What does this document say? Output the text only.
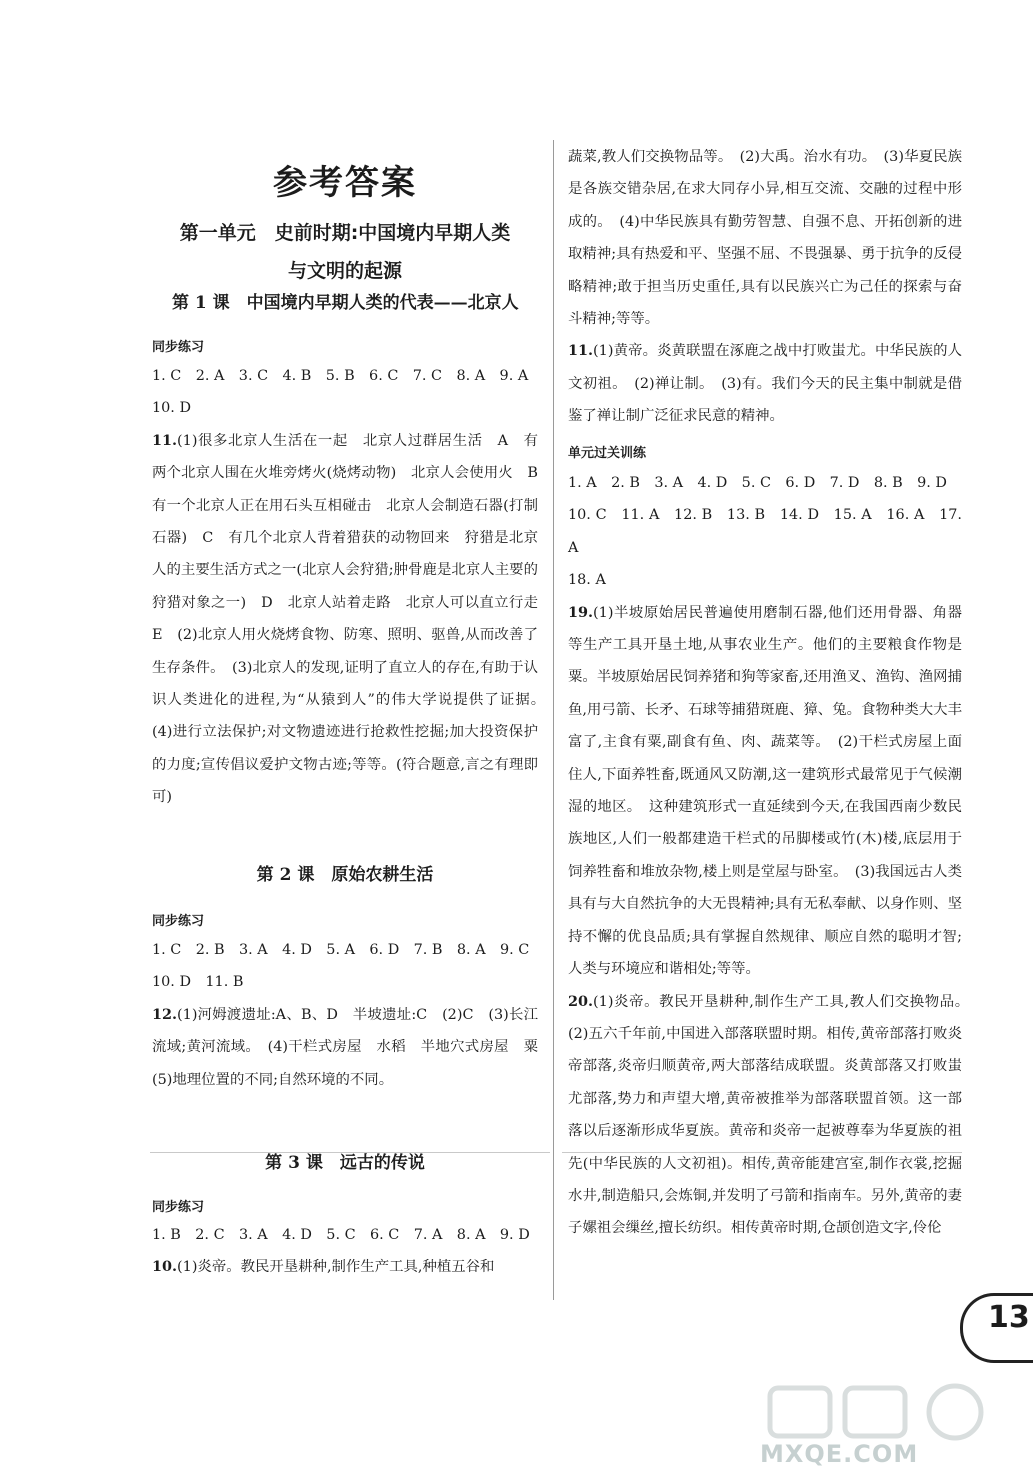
参考答案
第一单元　史前时期:中国境内早期人类
与文明的起源
第 1 课　中国境内早期人类的代表——北京人
同步练习
1. C　2. A　3. C　4. B　5. B　6. C　7. C　8. A　9. A
10. D
11.(1)很多北京人生活在一起　北京人过群居生活　A　有两个北京人围在火堆旁烤火(烧烤动物)　北京人会使用火　B　有一个北京人正在用石头互相碰击　北京人会制造石器(打制石器)　C　有几个北京人背着猎获的动物回来　狩猎是北京人的主要生活方式之一(北京人会狩猎;肿骨鹿是北京人主要的狩猎对象之一)　D　北京人站着走路　北京人可以直立行走　E　(2)北京人用火烧烤食物、防寒、照明、驱兽,从而改善了生存条件。　(3)北京人的发现,证明了直立人的存在,有助于认识人类进化的进程,为“从猿到人”的伟大学说提供了证据。　(4)进行立法保护;对文物遗迹进行抢救性挖掘;加大投资保护的力度;宣传倡议爱护文物古迹;等等。(符合题意,言之有理即可)
第 2 课　原始农耕生活
同步练习
1. C　2. B　3. A　4. D　5. A　6. D　7. B　8. A　9. C
10. D　11. B
12.(1)河姆渡遗址:A、B、D　半坡遗址:C　(2)C　(3)长江流域;黄河流域。　(4)干栏式房屋　水稻　半地穴式房屋　粟　(5)地理位置的不同;自然环境的不同。
第 3 课　远古的传说
同步练习
1. B　2. C　3. A　4. D　5. C　6. C　7. A　8. A　9. D
10.(1)炎帝。教民开垦耕种,制作生产工具,种植五谷和
蔬菜,教人们交换物品等。　(2)大禹。治水有功。　(3)华夏民族是各族交错杂居,在求大同存小异,相互交流、交融的过程中形成的。　(4)中华民族具有勤劳智慧、自强不息、开拓创新的进取精神;具有热爱和平、坚强不屈、不畏强暴、勇于抗争的反侵略精神;敢于担当历史重任,具有以民族兴亡为己任的探索与奋斗精神;等等。
11.(1)黄帝。炎黄联盟在涿鹿之战中打败蚩尤。中华民族的人文初祖。　(2)禅让制。　(3)有。我们今天的民主集中制就是借鉴了禅让制广泛征求民意的精神。
单元过关训练
1. A　2. B　3. A　4. D　5. C　6. D　7. D　8. B　9. D
10. C　11. A　12. B　13. B　14. D　15. A　16. A　17. A
18. A
19.(1)半坡原始居民普遍使用磨制石器,他们还用骨器、角器等生产工具开垦土地,从事农业生产。他们的主要粮食作物是粟。半坡原始居民饲养猪和狗等家畜,还用渔叉、渔钩、渔网捕鱼,用弓箭、长矛、石球等捕猎斑鹿、獐、兔。食物种类大大丰富了,主食有粟,副食有鱼、肉、蔬菜等。　(2)干栏式房屋上面住人,下面养牲畜,既通风又防潮,这一建筑形式最常见于气候潮湿的地区。　这种建筑形式一直延续到今天,在我国西南少数民族地区,人们一般都建造干栏式的吊脚楼或竹(木)楼,底层用于饲养牲畜和堆放杂物,楼上则是堂屋与卧室。　(3)我国远古人类具有与大自然抗争的大无畏精神;具有无私奉献、以身作则、坚持不懈的优良品质;具有掌握自然规律、顺应自然的聪明才智;人类与环境应和谐相处;等等。
20.(1)炎帝。教民开垦耕种,制作生产工具,教人们交换物品。　(2)五六千年前,中国进入部落联盟时期。相传,黄帝部落打败炎帝部落,炎帝归顺黄帝,两大部落结成联盟。炎黄部落又打败蚩尤部落,势力和声望大增,黄帝被推举为部落联盟首领。这一部落以后逐渐形成华夏族。黄帝和炎帝一起被尊奉为华夏族的祖先(中华民族的人文初祖)。相传,黄帝能建宫室,制作衣裳,挖掘水井,制造船只,会炼铜,并发明了弓箭和指南车。另外,黄帝的妻子嫘祖会缫丝,擅长纺织。相传黄帝时期,仓颉创造文字,伶伦
13
MXQE.COM
